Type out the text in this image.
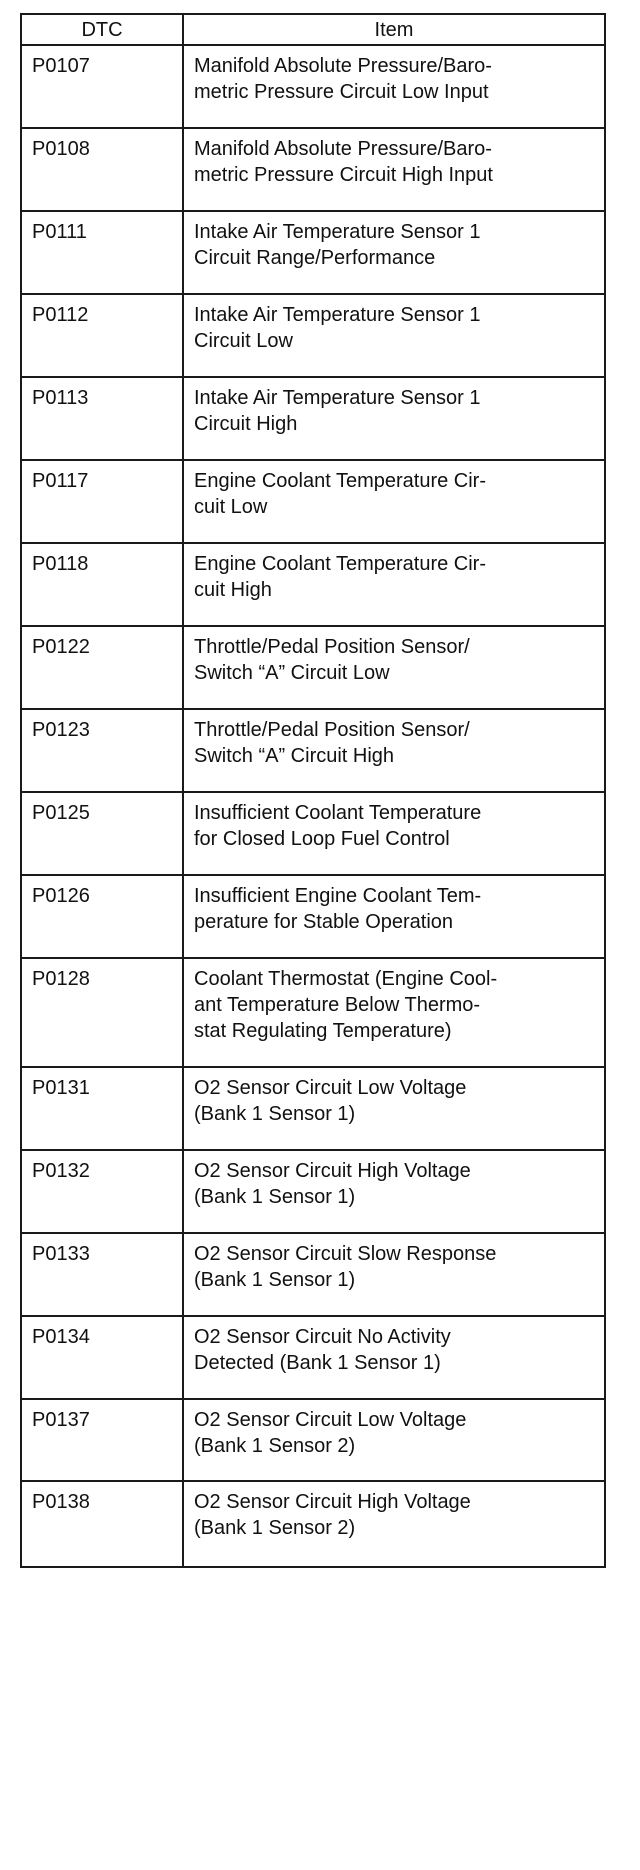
DTC	Item
P0107	Manifold Absolute Pressure/Baro-
metric Pressure Circuit Low Input
P0108	Manifold Absolute Pressure/Baro-
metric Pressure Circuit High Input
P0111	Intake Air Temperature Sensor 1
Circuit Range/Performance
P0112	Intake Air Temperature Sensor 1
Circuit Low
P0113	Intake Air Temperature Sensor 1
Circuit High
P0117	Engine Coolant Temperature Cir-
cuit Low
P0118	Engine Coolant Temperature Cir-
cuit High
P0122	Throttle/Pedal Position Sensor/
Switch “A” Circuit Low
P0123	Throttle/Pedal Position Sensor/
Switch “A” Circuit High
P0125	Insufficient Coolant Temperature
for Closed Loop Fuel Control
P0126	Insufficient Engine Coolant Tem-
perature for Stable Operation
P0128	Coolant Thermostat (Engine Cool-
ant Temperature Below Thermo-
stat Regulating Temperature)
P0131	O2 Sensor Circuit Low Voltage
(Bank 1 Sensor 1)
P0132	O2 Sensor Circuit High Voltage
(Bank 1 Sensor 1)
P0133	O2 Sensor Circuit Slow Response
(Bank 1 Sensor 1)
P0134	O2 Sensor Circuit No Activity
Detected (Bank 1 Sensor 1)
P0137	O2 Sensor Circuit Low Voltage
(Bank 1 Sensor 2)
P0138	O2 Sensor Circuit High Voltage
(Bank 1 Sensor 2)
